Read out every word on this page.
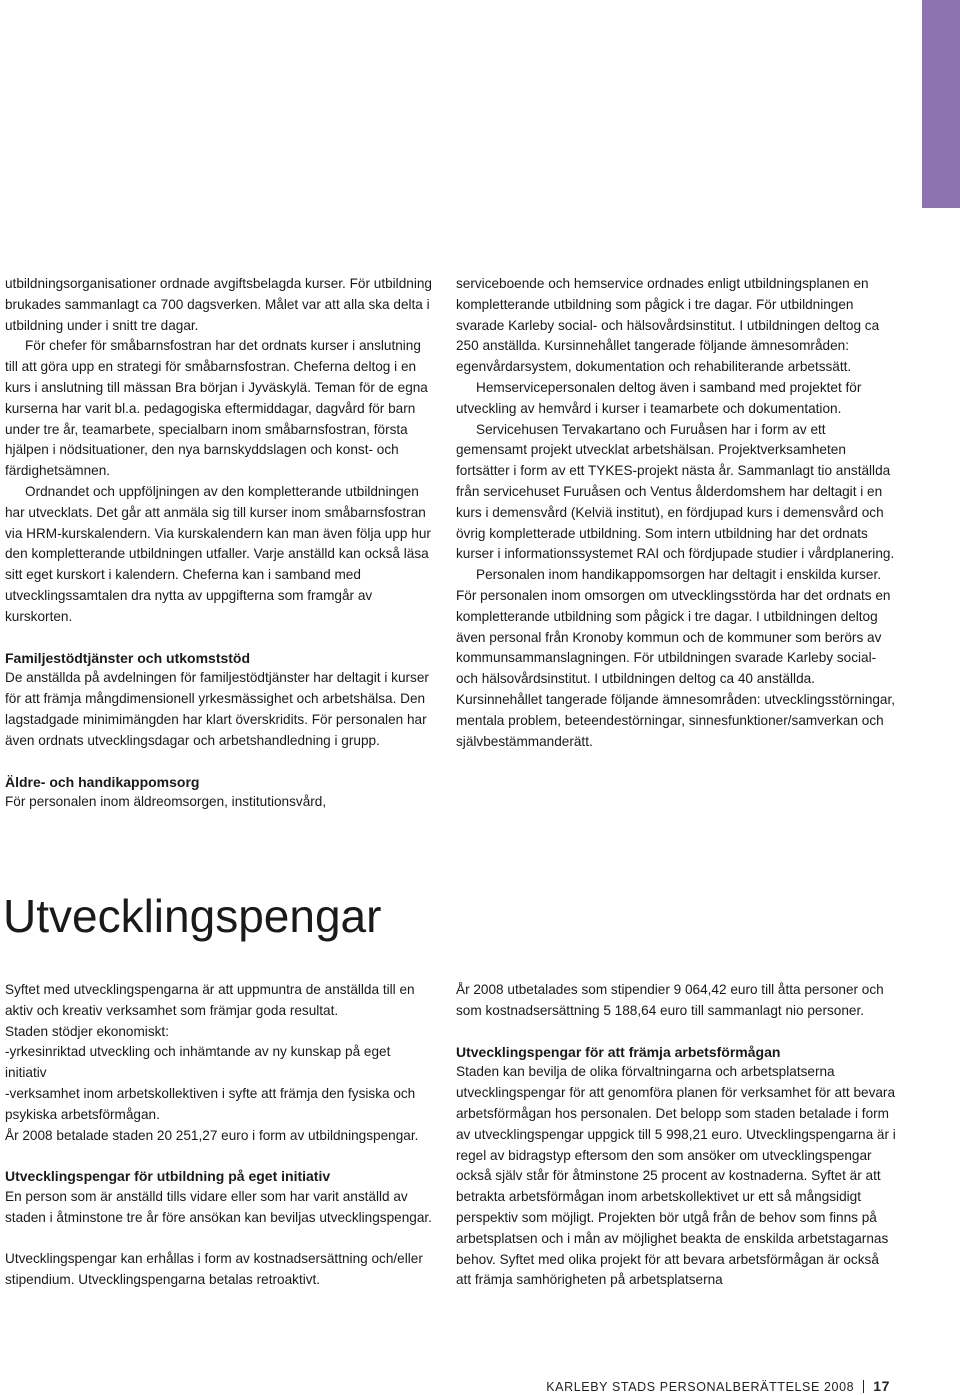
utbildningsorganisationer ordnade avgiftsbelagda kurser. För utbildning brukades sammanlagt ca 700 dagsverken. Målet var att alla ska delta i utbildning under i snitt tre dagar.

För chefer för småbarnsfostran har det ordnats kurser i anslutning till att göra upp en strategi för småbarnsfostran. Cheferna deltog i en kurs i anslutning till mässan Bra början i Jyväskylä. Teman för de egna kurserna har varit bl.a. pedagogiska eftermiddagar, dagvård för barn under tre år, teamarbete, specialbarn inom småbarnsfostran, första hjälpen i nödsituationer, den nya barnskyddslagen och konst- och färdighetsämnen.

Ordnandet och uppföljningen av den kompletterande utbildningen har utvecklats. Det går att anmäla sig till kurser inom småbarnsfostran via HRM-kurskalendern. Via kurskalendern kan man även följa upp hur den kompletterande utbildningen utfaller. Varje anställd kan också läsa sitt eget kurskort i kalendern. Cheferna kan i samband med utvecklingssamtalen dra nytta av uppgifterna som framgår av kurskorten.

Familjestödtjänster och utkomststöd

De anställda på avdelningen för familjestödtjänster har deltagit i kurser för att främja mångdimensionell yrkesmässighet och arbetshälsa. Den lagstadgade minimimängden har klart överskridits. För personalen har även ordnats utvecklingsdagar och arbetshandledning i grupp.

Äldre- och handikappomsorg

För personalen inom äldreomsorgen, institutionsvård,

serviceboende och hemservice ordnades enligt utbildningsplanen en kompletterande utbildning som pågick i tre dagar. För utbildningen svarade Karleby social- och hälsovårdsinstitut. I utbildningen deltog ca 250 anställda. Kursinnehållet tangerade följande ämnesområden: egenvårdarsystem, dokumentation och rehabiliterande arbetssätt.

Hemservicepersonalen deltog även i samband med projektet för utveckling av hemvård i kurser i teamarbete och dokumentation.

Servicehusen Tervakartano och Furuåsen har i form av ett gemensamt projekt utvecklat arbetshälsan. Projektverksamheten fortsätter i form av ett TYKES-projekt nästa år. Sammanlagt tio anställda från servicehuset Furuåsen och Ventus ålderdomshem har deltagit i en kurs i demensvård (Kelviä institut), en fördjupad kurs i demensvård och övrig kompletterade utbildning. Som intern utbildning har det ordnats kurser i informationssystemet RAI och fördjupade studier i vårdplanering.

Personalen inom handikappomsorgen har deltagit i enskilda kurser. För personalen inom omsorgen om utvecklingsstörda har det ordnats en kompletterande utbildning som pågick i tre dagar. I utbildningen deltog även personal från Kronoby kommun och de kommuner som berörs av kommunsammanslagningen. För utbildningen svarade Karleby social- och hälsovårdsinstitut. I utbildningen deltog ca 40 anställda. Kursinnehållet tangerade följande ämnesområden: utvecklingsstörningar, mentala problem, beteendestörningar, sinnesfunktioner/samverkan och självbestämmanderätt.

Utvecklingspengar

Syftet med utvecklingspengarna är att uppmuntra de anställda till en aktiv och kreativ verksamhet som främjar goda resultat.

Staden stödjer ekonomiskt:

-yrkesinriktad utveckling och inhämtande av ny kunskap på eget initiativ

-verksamhet inom arbetskollektiven i syfte att främja den fysiska och psykiska arbetsförmågan.

År 2008 betalade staden 20 251,27 euro i form av utbildningspengar.

Utvecklingspengar för utbildning på eget initiativ

En person som är anställd tills vidare eller som har varit anställd av staden i åtminstone tre år före ansökan kan beviljas utvecklingspengar.

Utvecklingspengar kan erhållas i form av kostnadsersättning och/eller stipendium. Utvecklingspengarna betalas retroaktivt.

År 2008 utbetalades som stipendier 9 064,42 euro till åtta personer och som kostnadsersättning 5 188,64 euro till sammanlagt nio personer.

Utvecklingspengar för att främja arbetsförmågan

Staden kan bevilja de olika förvaltningarna och arbetsplatserna utvecklingspengar för att genomföra planen för verksamhet för att bevara arbetsförmågan hos personalen. Det belopp som staden betalade i form av utvecklingspengar uppgick till 5 998,21 euro. Utvecklingspengarna är i regel av bidragstyp eftersom den som ansöker om utvecklingspengar också själv står för åtminstone 25 procent av kostnaderna. Syftet är att betrakta arbetsförmågan inom arbetskollektivet ur ett så mångsidigt perspektiv som möjligt. Projekten bör utgå från de behov som finns på arbetsplatsen och i mån av möjlighet beakta de enskilda arbetstagarnas behov. Syftet med olika projekt för att bevara arbetsförmågan är också att främja samhörigheten på arbetsplatserna

KARLEBY STADS PERSONALBERÄTTELSE 2008 17
